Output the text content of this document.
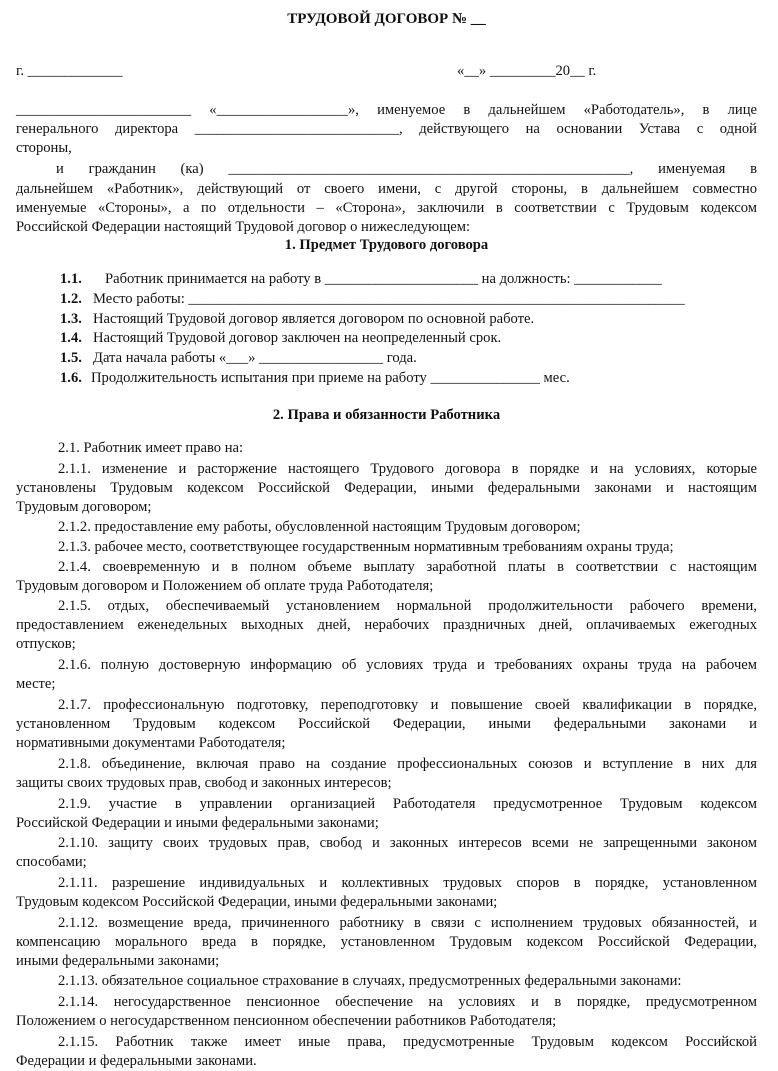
ТРУДОВОЙ ДОГОВОР № __
г. _____________	«__» _________20__ г.
________________________ «__________________», именуемое в дальнейшем «Работодатель», в лице
генерального директора ____________________________, действующего на основании Устава с одной
стороны,
и гражданин (ка) _______________________________________________________, именуемая в
дальнейшем «Работник», действующий от своего имени, с другой стороны, в дальнейшем совместно
именуемые «Стороны», а по отдельности – «Сторона», заключили в соответствии с Трудовым кодексом
Российской Федерации настоящий Трудовой договор о нижеследующем:
1. Предмет Трудового договора
1.1. Работник принимается на работу в _____________________ на должность: ____________
1.2. Место работы: ____________________________________________________________________
1.3. Настоящий Трудовой договор является договором по основной работе.
1.4. Настоящий Трудовой договор заключен на неопределенный срок.
1.5. Дата начала работы «___» _________________ года.
1.6. Продолжительность испытания при приеме на работу _______________ мес.
2. Права и обязанности Работника
2.1. Работник имеет право на:
2.1.1. изменение и расторжение настоящего Трудового договора в порядке и на условиях, которые
установлены Трудовым кодексом Российской Федерации, иными федеральными законами и настоящим
Трудовым договором;
2.1.2. предоставление ему работы, обусловленной настоящим Трудовым договором;
2.1.3. рабочее место, соответствующее государственным нормативным требованиям охраны труда;
2.1.4. своевременную и в полном объеме выплату заработной платы в соответствии с настоящим
Трудовым договором и Положением об оплате труда Работодателя;
2.1.5. отдых, обеспечиваемый установлением нормальной продолжительности рабочего времени,
предоставлением еженедельных выходных дней, нерабочих праздничных дней, оплачиваемых ежегодных
отпусков;
2.1.6. полную достоверную информацию об условиях труда и требованиях охраны труда на рабочем
месте;
2.1.7. профессиональную подготовку, переподготовку и повышение своей квалификации в порядке,
установленном Трудовым кодексом Российской Федерации, иными федеральными законами и
нормативными документами Работодателя;
2.1.8. объединение, включая право на создание профессиональных союзов и вступление в них для
защиты своих трудовых прав, свобод и законных интересов;
2.1.9. участие в управлении организацией Работодателя предусмотренное Трудовым кодексом
Российской Федерации и иными федеральными законами;
2.1.10. защиту своих трудовых прав, свобод и законных интересов всеми не запрещенными законом
способами;
2.1.11. разрешение индивидуальных и коллективных трудовых споров в порядке, установленном
Трудовым кодексом Российской Федерации, иными федеральными законами;
2.1.12. возмещение вреда, причиненного работнику в связи с исполнением трудовых обязанностей, и
компенсацию морального вреда в порядке, установленном Трудовым кодексом Российской Федерации,
иными федеральными законами;
2.1.13. обязательное социальное страхование в случаях, предусмотренных федеральными законами:
2.1.14. негосударственное пенсионное обеспечение на условиях и в порядке, предусмотренном
Положением о негосударственном пенсионном обеспечении работников Работодателя;
2.1.15. Работник также имеет иные права, предусмотренные Трудовым кодексом Российской
Федерации и федеральными законами.
